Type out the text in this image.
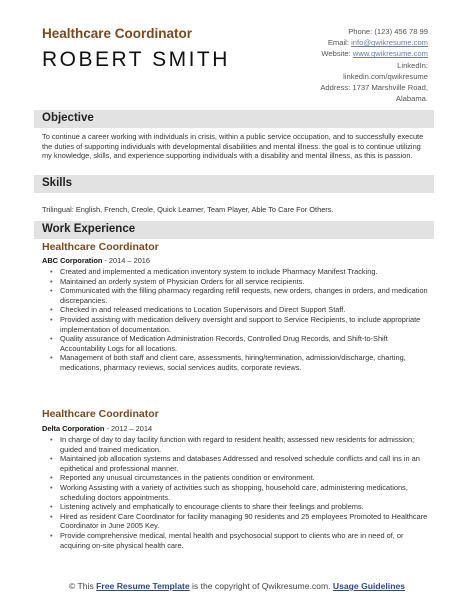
Healthcare Coordinator
ROBERT SMITH
Phone: (123) 456 78 99
Email: info@qwikresume.com
Website: www.qwikresume.com
LinkedIn:
linkedin.com/qwikresume
Address: 1737 Marshville Road,
Alabama.
Objective
To continue a career working with individuals in crisis, within a public service occupation, and to successfully execute the duties of supporting individuals with developmental disabilities and mental illness. the goal is to continue utilizing my knowledge, skills, and experience supporting individuals with a disability and mental illness, as this is passion.
Skills
Trilingual: English, French, Creole, Quick Learner, Team Player, Able To Care For Others.
Work Experience
Healthcare Coordinator
ABC Corporation - 2014 – 2016
• Created and implemented a medication inventory system to include Pharmacy Manifest Tracking.
• Maintained an orderly system of Physician Orders for all service recipients.
• Communicated with the filling pharmacy regarding refill requests, new orders, changes in orders, and medication discrepancies.
• Checked in and released medications to Location Supervisors and Direct Support Staff.
• Provided assisting with medication delivery oversight and support to Service Recipients, to include appropriate implementation of documentation.
• Quality assurance of Medication Administration Records, Controlled Drug Records, and Shift-to-Shift Accountability Logs for all locations.
• Management of both staff and client care, assessments, hiring/termination, admission/discharge, charting, medications, pharmacy reviews, social services audits, corporate reviews.
Healthcare Coordinator
Delta Corporation - 2012 – 2014
• In charge of day to day facility function with regard to resident health; assessed new residents for admission; guided and trained medication.
• Maintained job allocation systems and databases Addressed and resolved schedule conflicts and call ins in an epithetical and professional manner.
• Reported any unusual circumstances in the patients condition or environment.
• Working Assisting with a variety of activities such as shopping, household care, administering medications, scheduling doctors appointments.
• Listening actively and emphatically to encourage clients to share their feelings and problems.
• Hired as resident Care Coordinator for facility managing 90 residents and 25 employees Promoted to Healthcare Coordinator in June 2005 Key.
• Provide comprehensive medical, mental health and psychosocial support to clients who are in need of, or acquiring on-site physical health care.
© This Free Resume Template is the copyright of Qwikresume.com. Usage Guidelines
